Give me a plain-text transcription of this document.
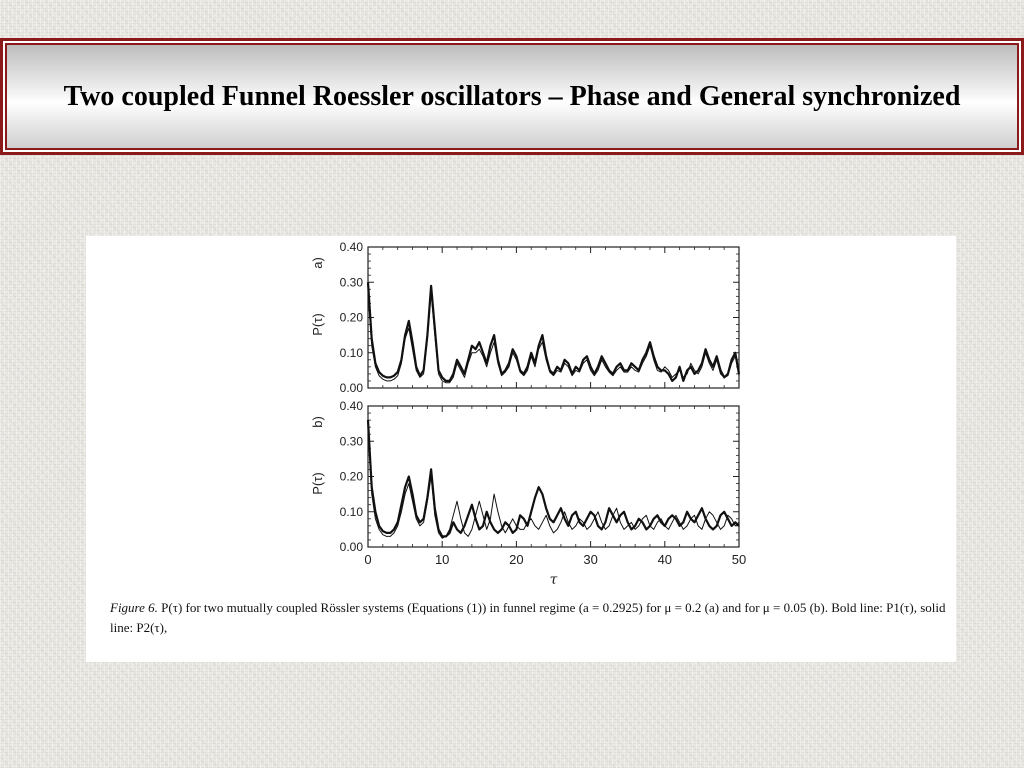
Two coupled Funnel Roessler oscillators – Phase and General synchronized
0.00
0.10
0.20
0.30
0.40
a)
P(τ)
0.00
0.10
0.20
0.30
0.40
0	10	20	30	40	50
τ
b)
P(τ)
Figure 6. P(τ) for two mutually coupled Rössler systems (Equations (1)) in funnel regime (a = 0.2925) for μ = 0.2 (a) and for μ = 0.05 (b). Bold line: P1(τ), solid line: P2(τ),
